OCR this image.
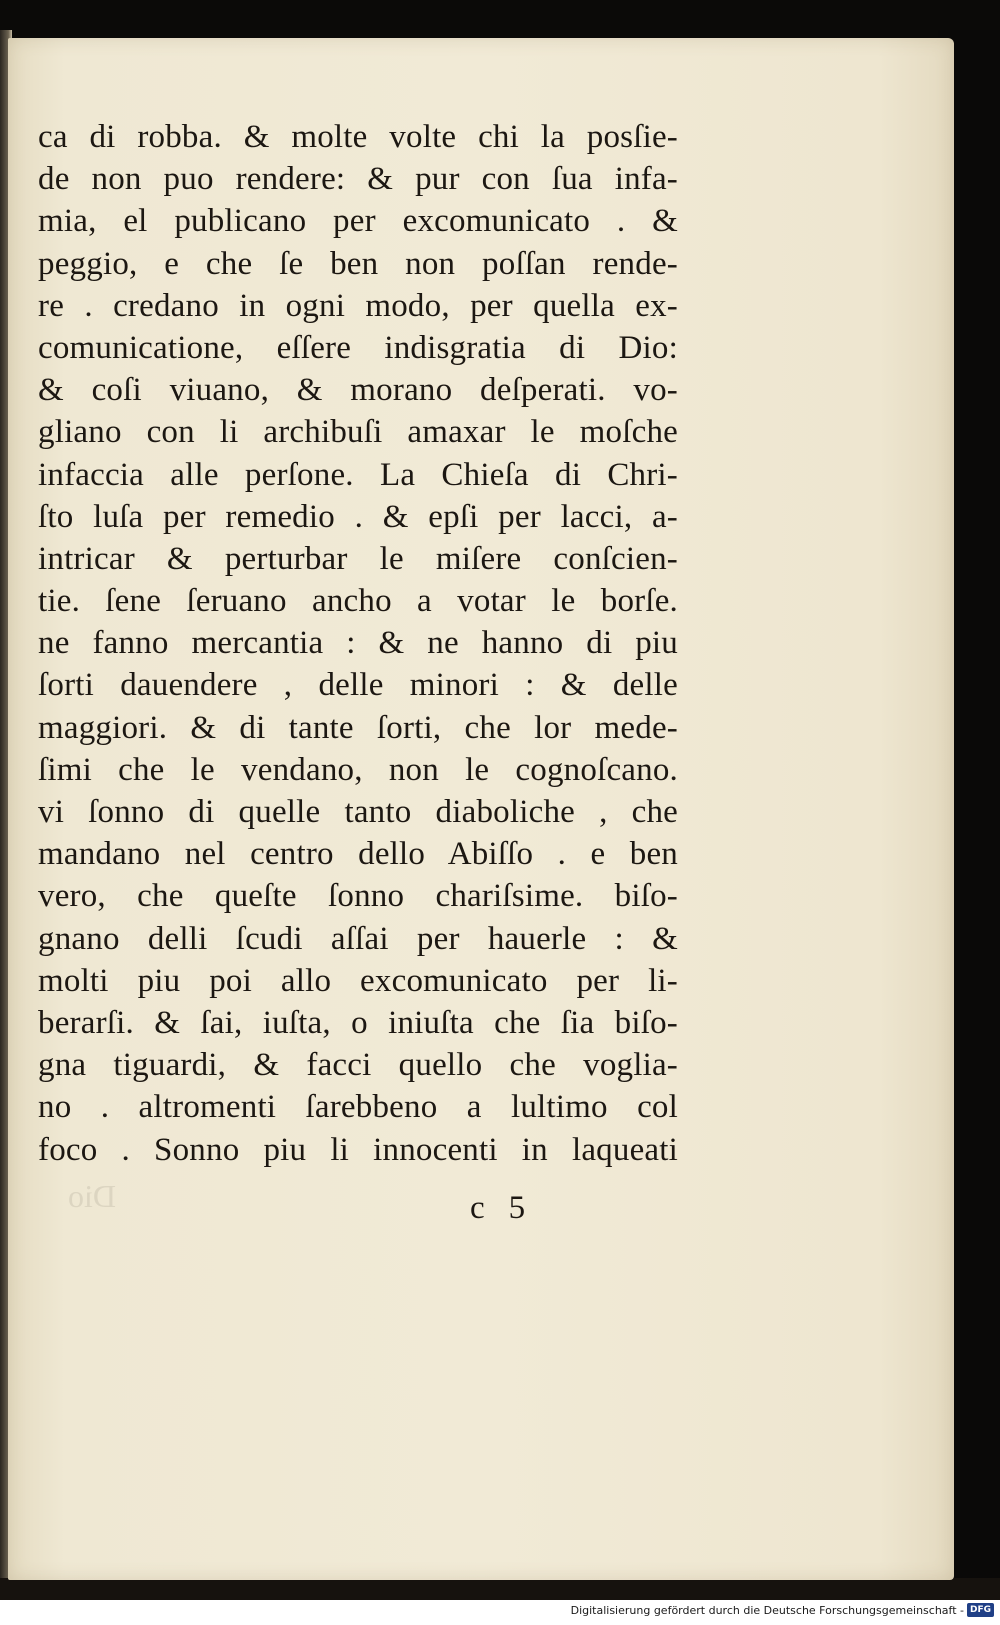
ca di robba. & molte volte chi la posſie-
de non puo rendere: & pur con ſua infa-
mia, el publicano per excomunicato . &
peggio, e che ſe ben non poſſan rende-
re . credano in ogni modo, per quella ex-
comunicatione, eſſere indisgratia di Dio:
& coſi viuano, & morano deſperati. vo-
gliano con li archibuſi amaxar le moſche
infaccia alle perſone. La Chieſa di Chri-
ſto luſa per remedio . & epſi per lacci, a-
intricar & perturbar le miſere conſcien-
tie. ſene ſeruano ancho a votar le borſe.
ne fanno mercantia : & ne hanno di piu
ſorti dauendere , delle minori : & delle
maggiori. & di tante ſorti, che lor mede-
ſimi che le vendano, non le cognoſcano.
vi ſonno di quelle tanto diaboliche , che
mandano nel centro dello Abiſſo . e ben
vero, che queſte ſonno chariſsime. biſo-
gnano delli ſcudi aſſai per hauerle : &
molti piu poi allo excomunicato per li-
berarſi. & ſai, iuſta, o iniuſta che ſia biſo-
gna tiguardi, & facci quello che voglia-
no . altromenti ſarebbeno a lultimo col
foco . Sonno piu li innocenti in laqueati
Dio	c 5
Digitalisierung gefördert durch die Deutsche Forschungsgemeinschaft - DFG
